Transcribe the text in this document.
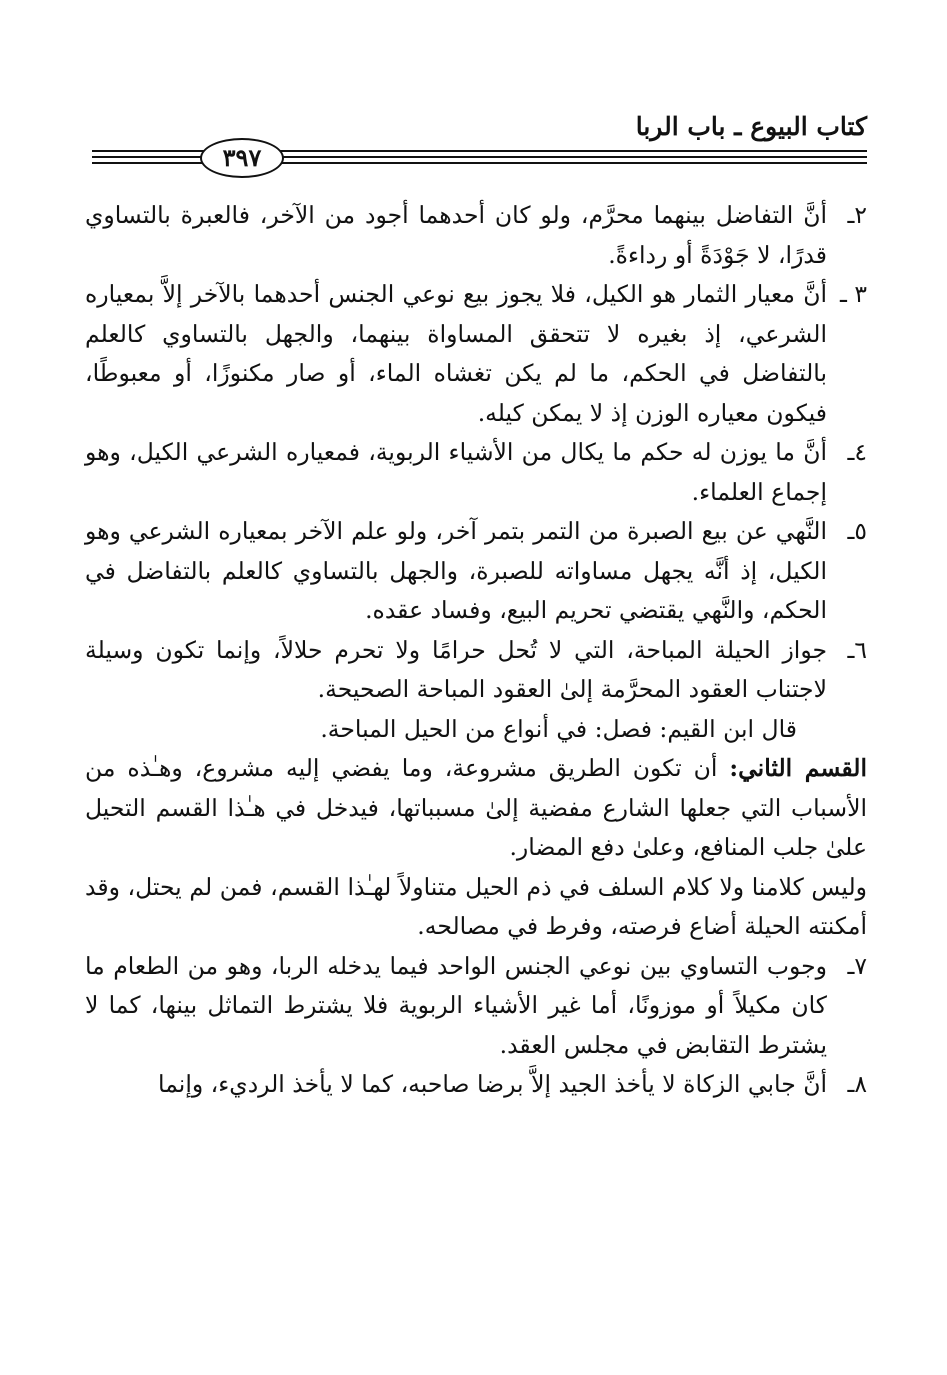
كتاب البيوع ـ باب الربا
٣٩٧

٢ـأنَّ التفاضل بينهما محرَّم، ولو كان أحدهما أجود من الآخر، فالعبرة بالتساوي قدرًا، لا جَوْدَةً أو رداءةً.

٣ ـأنَّ معيار الثمار هو الكيل، فلا يجوز بيع نوعي الجنس أحدهما بالآخر إلاَّ بمعياره الشرعي، إذ بغيره لا تتحقق المساواة بينهما، والجهل بالتساوي كالعلم بالتفاضل في الحكم، ما لم يكن تغشاه الماء، أو صار مكنوزًا، أو معبوطًا، فيكون معياره الوزن إذ لا يمكن كيله.

٤ـأنَّ ما يوزن له حكم ما يكال من الأشياء الربوية، فمعياره الشرعي الكيل، وهو إجماع العلماء.

٥ـالنَّهي عن بيع الصبرة من التمر بتمر آخر، ولو علم الآخر بمعياره الشرعي وهو الكيل، إذ أنَّه يجهل مساواته للصبرة، والجهل بالتساوي كالعلم بالتفاضل في الحكم، والنَّهي يقتضي تحريم البيع، وفساد عقده.

٦ـجواز الحيلة المباحة، التي لا تُحل حرامًا ولا تحرم حلالاً، وإنما تكون وسيلة لاجتناب العقود المحرَّمة إلىٰ العقود المباحة الصحيحة.

قال ابن القيم: فصل: في أنواع من الحيل المباحة.

القسم الثاني: أن تكون الطريق مشروعة، وما يفضي إليه مشروع، وهـٰذه من الأسباب التي جعلها الشارع مفضية إلىٰ مسبباتها، فيدخل في هـٰذا القسم التحيل علىٰ جلب المنافع، وعلىٰ دفع المضار.

وليس كلامنا ولا كلام السلف في ذم الحيل متناولاً لهـٰذا القسم، فمن لم يحتل، وقد أمكنته الحيلة أضاع فرصته، وفرط في مصالحه.

٧ـوجوب التساوي بين نوعي الجنس الواحد فيما يدخله الربا، وهو من الطعام ما كان مكيلاً أو موزونًا، أما غير الأشياء الربوية فلا يشترط التماثل بينها، كما لا يشترط التقابض في مجلس العقد.

٨ـأنَّ جابي الزكاة لا يأخذ الجيد إلاَّ برضا صاحبه، كما لا يأخذ الرديء، وإنما
